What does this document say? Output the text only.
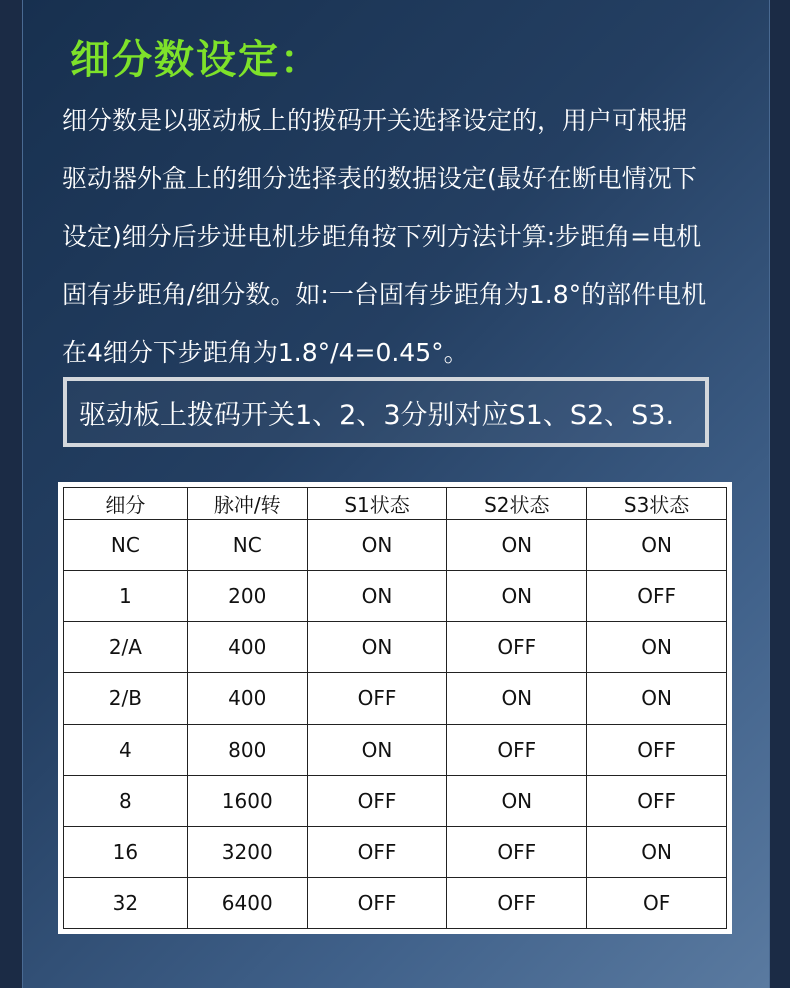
细分数设定：
细分数是以驱动板上的拨码开关选择设定的，用户可根据
驱动器外盒上的细分选择表的数据设定(最好在断电情况下
设定)细分后步进电机步距角按下列方法计算:步距角=电机
固有步距角/细分数。如:一台固有步距角为1.8°的部件电机
在4细分下步距角为1.8°/4=0.45°。
驱动板上拨码开关1、2、3分别对应S1、S2、S3.
细分	脉冲/转	S1状态	S2状态	S3状态
NC	NC	ON	ON	ON
1	200	ON	ON	OFF
2/A	400	ON	OFF	ON
2/B	400	OFF	ON	ON
4	800	ON	OFF	OFF
8	1600	OFF	ON	OFF
16	3200	OFF	OFF	ON
32	6400	OFF	OFF	OF
